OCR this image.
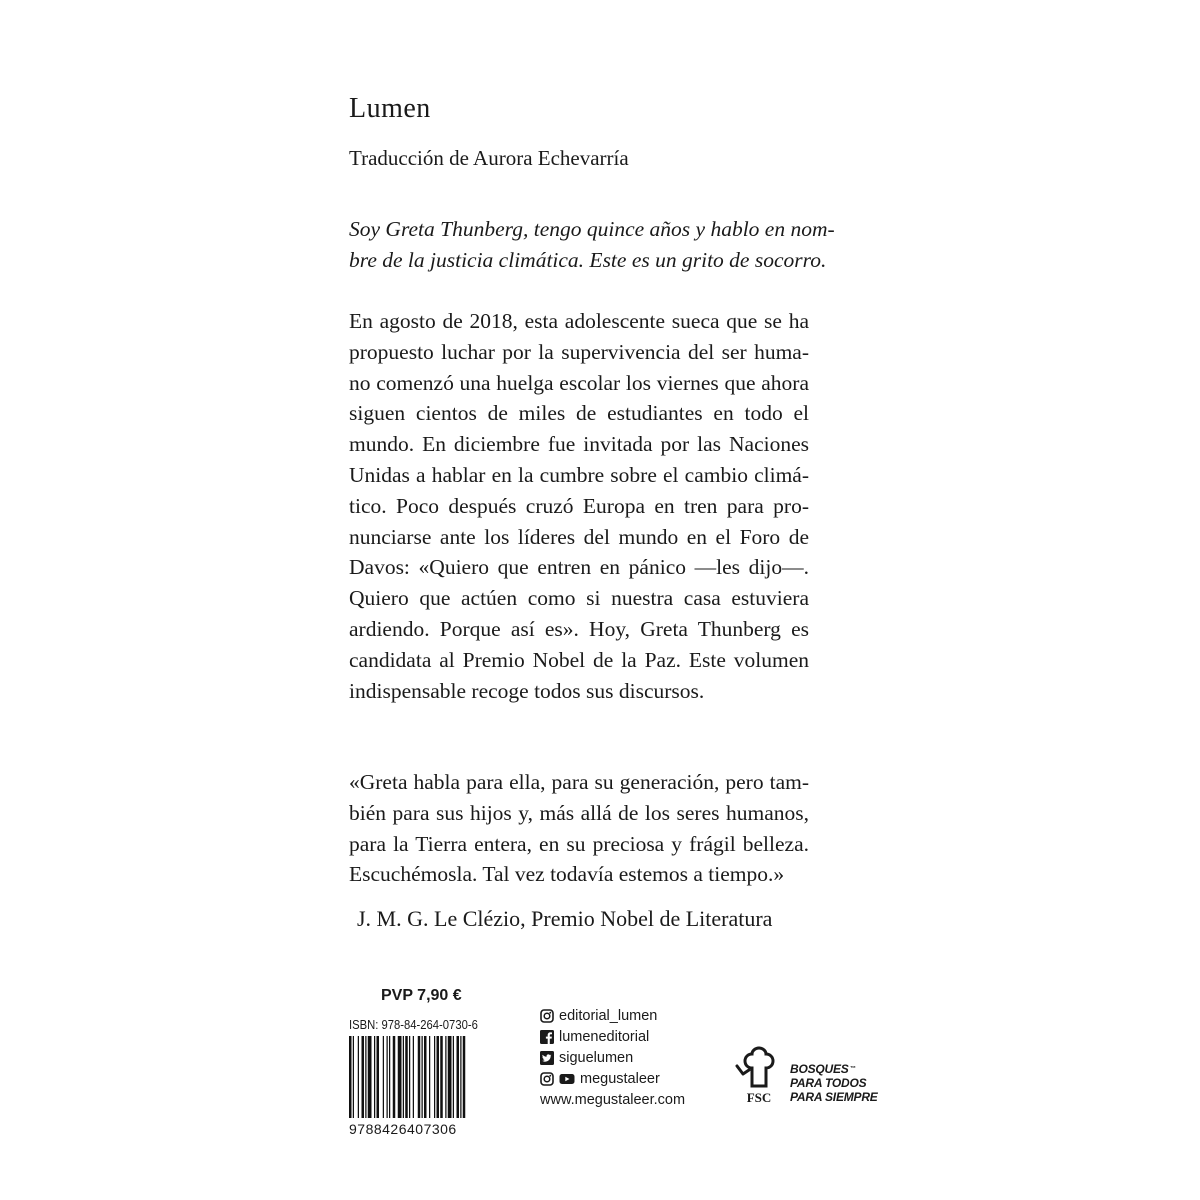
Lumen
Traducción de Aurora Echevarría
Soy Greta Thunberg, tengo quince años y hablo en nom-
bre de la justicia climática. Este es un grito de socorro.
En agosto de 2018, esta adolescente sueca que se ha
propuesto luchar por la supervivencia del ser huma-
no comenzó una huelga escolar los viernes que ahora
siguen cientos de miles de estudiantes en todo el
mundo. En diciembre fue invitada por las Naciones
Unidas a hablar en la cumbre sobre el cambio climá-
tico. Poco después cruzó Europa en tren para pro-
nunciarse ante los líderes del mundo en el Foro de
Davos: «Quiero que entren en pánico —les dijo—.
Quiero que actúen como si nuestra casa estuviera
ardiendo. Porque así es». Hoy, Greta Thunberg es
candidata al Premio Nobel de la Paz. Este volumen
indispensable recoge todos sus discursos.
«Greta habla para ella, para su generación, pero tam-
bién para sus hijos y, más allá de los seres humanos,
para la Tierra entera, en su preciosa y frágil belleza.
Escuchémosla. Tal vez todavía estemos a tiempo.»
J. M. G. Le Clézio, Premio Nobel de Literatura
PVP 7,90 €
ISBN: 978-84-264-0730-6
9788426407306
editorial_lumen
lumeneditorial
siguelumen
megustaleer
www.megustaleer.com	FSC
BOSQUES™
PARA TODOS
PARA SIEMPRE
